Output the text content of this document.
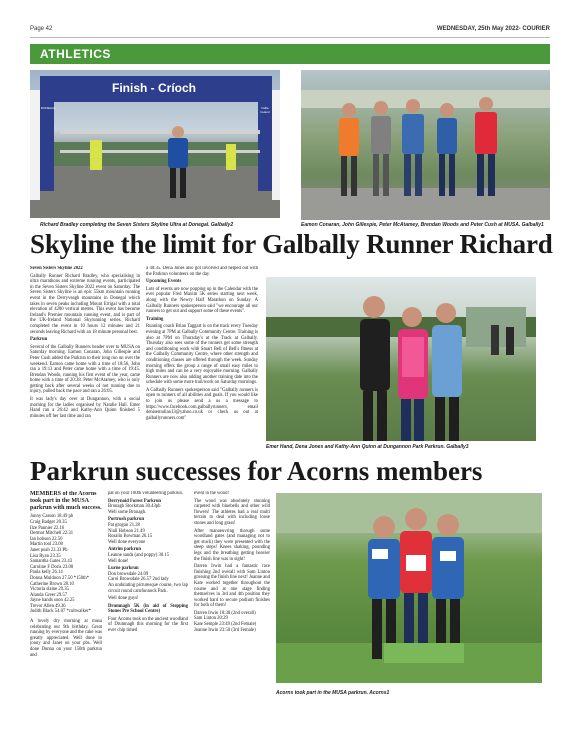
Page 42	WEDNESDAY, 25th May 2022- COURIER
ATHLETICS
Finish - Críoch
DONEGAL	Failte Ireland
Richard Bradley completing the Seven Sisters Skyline Ultra at Donegal. Galbally2	Eamon Conaran, John Gillespie, Peter McAtamey, Brendan Woods and Peter Cush at MUSA. Galbally1
Skyline the limit for Galbally Runner Richard

Seven Sisters Skyline 2022

Galbally Runner Richard Bradley, who specialising in ultra marathons and extreme running events, participated in the Seven Sisters Skyline 2022 event on Saturday. The Seven Sisters Skyline is an epic 55km mountain running event in the Derryveagh mountains in Donegal which takes in seven peaks including Mount Errigal with a total elevation of 4200 vertical metres. This event has become Ireland's Premier mountain running event, and is part of the UK-Ireland National Skyrunning series. Richard completed the event in 10 hours 12 minutes and 21 seconds leaving Richard with an 18 minute personal best.

Parkrun

Several of the Galbally Runners header over to MUSA on Saturday morning. Eamon Conaran, John Gillespie and Peter Cush added the Parkrun to their long run on over the weekend. Eamon came home with a time of 18:56, John ran a 19:13 and Peter came home with a time of 19:45. Brendan Woods, running his first event of the year, came home with a time of 20:38. Peter McAtamey, who is only getting back after several weeks of not running due to injury, pulled back the pace and ran a 26:05.

It was lady's day over at Dungannon, with a social morning for the ladies organised by Natalie Hall. Emer Hand ran a 26:42 and Kathy-Ann Quinn finished 5 minutes off her last time and ran

a 40:35. Dena Jones also got involved and helped out with the Parkrun volunteers on the day.

Upcoming Events

Lots of events are now popping up in the Calendar with the ever popular Fred Maxim 5K series starting next week, along with the Newry Half Marathon on Sunday. A Galbally Runners spokesperson said "we encourage all our runners to get out and support some of these events".

Training

Running coach Brian Taggart is on the track every Tuesday evening at 7PM at Galbally Community Centre. Training is also at 7PM on Thursday's at the Track at Galbally. Thursday also sees some of the runners get some strength and conditioning work with Stuart Bell of Bell's fitness at the Galbally Community Centre, where other strength and conditioning classes are offered through the week. Sunday morning offers the group a range of small easy miles to high miles and can be a very enjoyable morning. Galbally Runners are now also adding another training date into the schedule with some more trail/work on Saturday mornings.

A Galbally Runners spokesperson said "Galbally runners is open to runners of all abilities and goals. If you would like to join us please send a us a message to https://www.facebook.com.galballyrunners, email denisemullan13@yahoo.co.uk or check us out at galballyrunners.com"

Emer Hand, Dena Jones and Kathy-Ann Quinn at Dungannon Park Parkrun. Galbally3
Parkrun successes for Acorns members
MEMBERS of the Acorns took part in the MUSA parkrun with much success.
Jonny Carson 18.49 pb
Craig Badger 20.35
Ilze Pannier 22.16
Dermot Mitchell 22.31
Ian hobson 22.50
Martin tool 23.00
Janet push 23.33 Pb
Lisa Ryan 23.35
Samantha Gates 23.43
Caroline F Doris 23.08
Paula kelly 26.14
Donna Muldoon 27.50 *150th*
Catherine Brown 28.10
Victoria slaine 29.35
Alanda Greer 29.57
Jayne hands soon 42.25
Trevor Allen 49.36
Judith Black 54.07 *cultwalker*

A lovely dry morning at musa celebrating our 9th birthday. Great running by everyone and the cake was greatly appreciated. Well done to jonny and Janet on your pbs. Well done Donna on your 150th parkrun and

pat on your 100th volunteering parkrun.

Derrynoid Forest Parkrun
Bronagh Stockman 30.43pb

Well some Bronagh.

Portrush parkrun
Pat grogan 21.28
Niall Hobson 21.49
Rosalin Bowman 26.15

Well done everyone

Antrim parkrun
Leanne sands (and poppy) 30.15

Well done!

Lurne parkrun
Don browsdale 24.09
Carol Browsdale 26.57 2nd lady

An undulating picturesque course, two lap circuit round carnfunnock Park.

Well done guys!

Drumnagh 5K (in aid of Stepping Stones Pre School Centre)

Four Acorns took on the ancient woodland of Drumnagh this morning for the first ever chip timed

event in the wood!

The wood was absolutely stunning carpeted with bluebells and other wild flowers! The athletes had a real multi terrain to deal with including loose stones and long grass!

After manoeuvring through some woodland gates (and managing not to get stuck) they were presented with the steep steps! Knees shaking, pounding legs and the breathing getting heavier the finish line was in sight!

Darren Irwin had a fantastic race finishing 2nd overall with Sam Linton grossing the finish line next! Joanne and Kate worked together throughout the course and at one stage finding themselves in 3rd and 4th position they worked hard to secure podium finishes for both of them!

Darren Irwin 18:38 (2nd overall)
Sam Linton 20:29
Kate Semple 23:49 (2nd Female)
Joanne Irwin 23:50 (3rd Female)
Acorns took part in the MUSA parkrun. Acorns1
